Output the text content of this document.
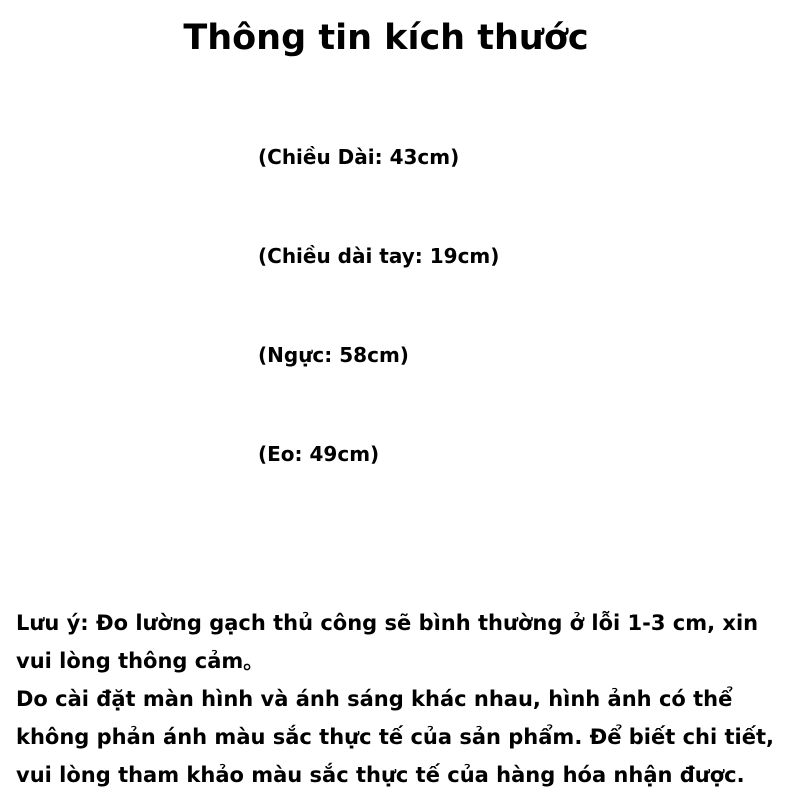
Thông tin kích thước
(Chiều Dài: 43cm)
(Chiều dài tay: 19cm)
(Ngực: 58cm)
(Eo: 49cm)

Lưu ý: Đo lường gạch thủ công sẽ bình thường ở lỗi 1-3 cm, xin vui lòng thông cảm。

Do cài đặt màn hình và ánh sáng khác nhau, hình ảnh có thể không phản ánh màu sắc thực tế của sản phẩm. Để biết chi tiết, vui lòng tham khảo màu sắc thực tế của hàng hóa nhận được.
